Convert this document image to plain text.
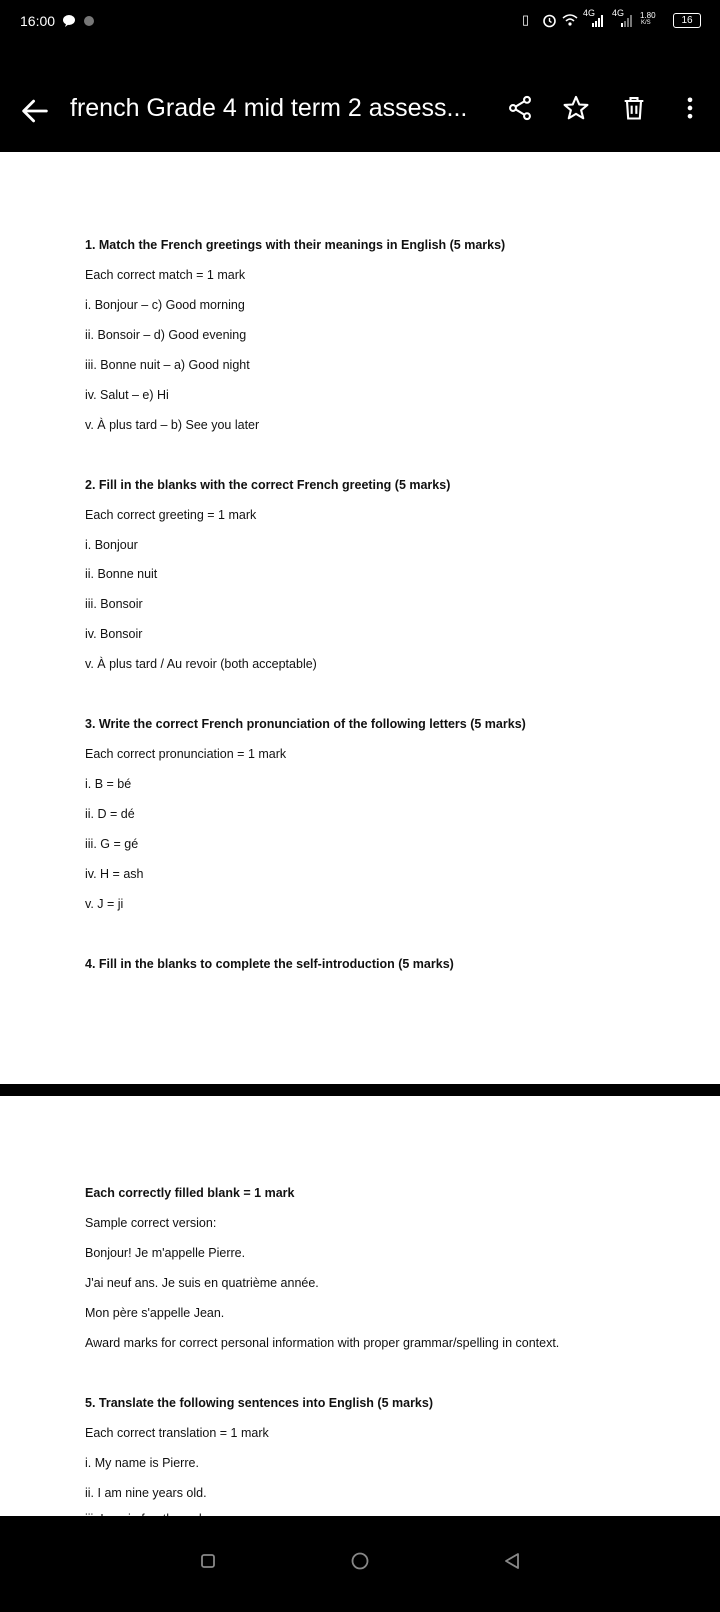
16:00	▯	4G 4G 1.80
K/S	16
french Grade 4 mid term 2 assess...
1. Match the French greetings with their meanings in English (5 marks)
Each correct match = 1 mark
i. Bonjour – c) Good morning
ii. Bonsoir – d) Good evening
iii. Bonne nuit – a) Good night
iv. Salut – e) Hi
v. À plus tard – b) See you later
2. Fill in the blanks with the correct French greeting (5 marks)
Each correct greeting = 1 mark
i. Bonjour
ii. Bonne nuit
iii. Bonsoir
iv. Bonsoir
v. À plus tard / Au revoir (both acceptable)
3. Write the correct French pronunciation of the following letters (5 marks)
Each correct pronunciation = 1 mark
i. B = bé
ii. D = dé
iii. G = gé
iv. H = ash
v. J = ji
4. Fill in the blanks to complete the self-introduction (5 marks)
Each correctly filled blank = 1 mark
Sample correct version:
Bonjour! Je m'appelle Pierre.
J'ai neuf ans. Je suis en quatrième année.
Mon père s'appelle Jean.
Award marks for correct personal information with proper grammar/spelling in context.
5. Translate the following sentences into English (5 marks)
Each correct translation = 1 mark
i. My name is Pierre.
ii. I am nine years old.
